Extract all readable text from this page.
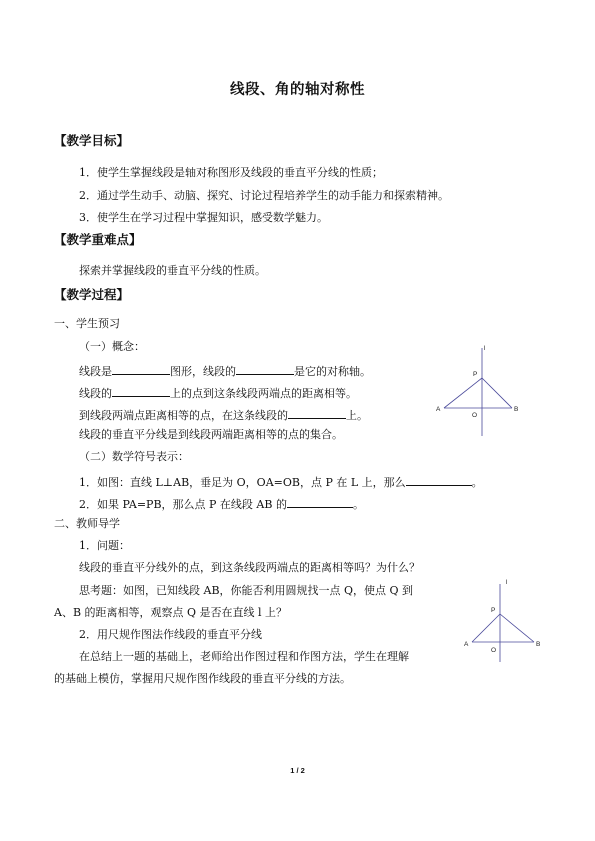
线段、角的轴对称性
【教学目标】
1．使学生掌握线段是轴对称图形及线段的垂直平分线的性质；
2．通过学生动手、动脑、探究、讨论过程培养学生的动手能力和探索精神。
3．使学生在学习过程中掌握知识，感受数学魅力。
【教学重难点】
探索并掌握线段的垂直平分线的性质。
【教学过程】
一、学生预习
（一）概念：
线段是	图形，线段的	是它的对称轴。
线段的	上的点到这条线段两端点的距离相等。
到线段两端点距离相等的点，在这条线段的	上。
线段的垂直平分线是到线段两端距离相等的点的集合。
（二）数学符号表示：
1．如图：直线 L⊥AB，垂足为 O，OA=OB，点 P 在 L 上，那么	。
2．如果 PA=PB，那么点 P 在线段 AB 的	。
二、教师导学
1．问题：
线段的垂直平分线外的点，到这条线段两端点的距离相等吗？为什么？
思考题：如图，已知线段 AB，你能否利用圆规找一点 Q，使点 Q 到
A、B 的距离相等，观察点 Q 是否在直线 l 上？
2．用尺规作图法作线段的垂直平分线
在总结上一题的基础上，老师给出作图过程和作图方法，学生在理解
的基础上模仿，掌握用尺规作图作线段的垂直平分线的方法。
l
P
A	B
O
l
P
A	B
O
1 / 2
